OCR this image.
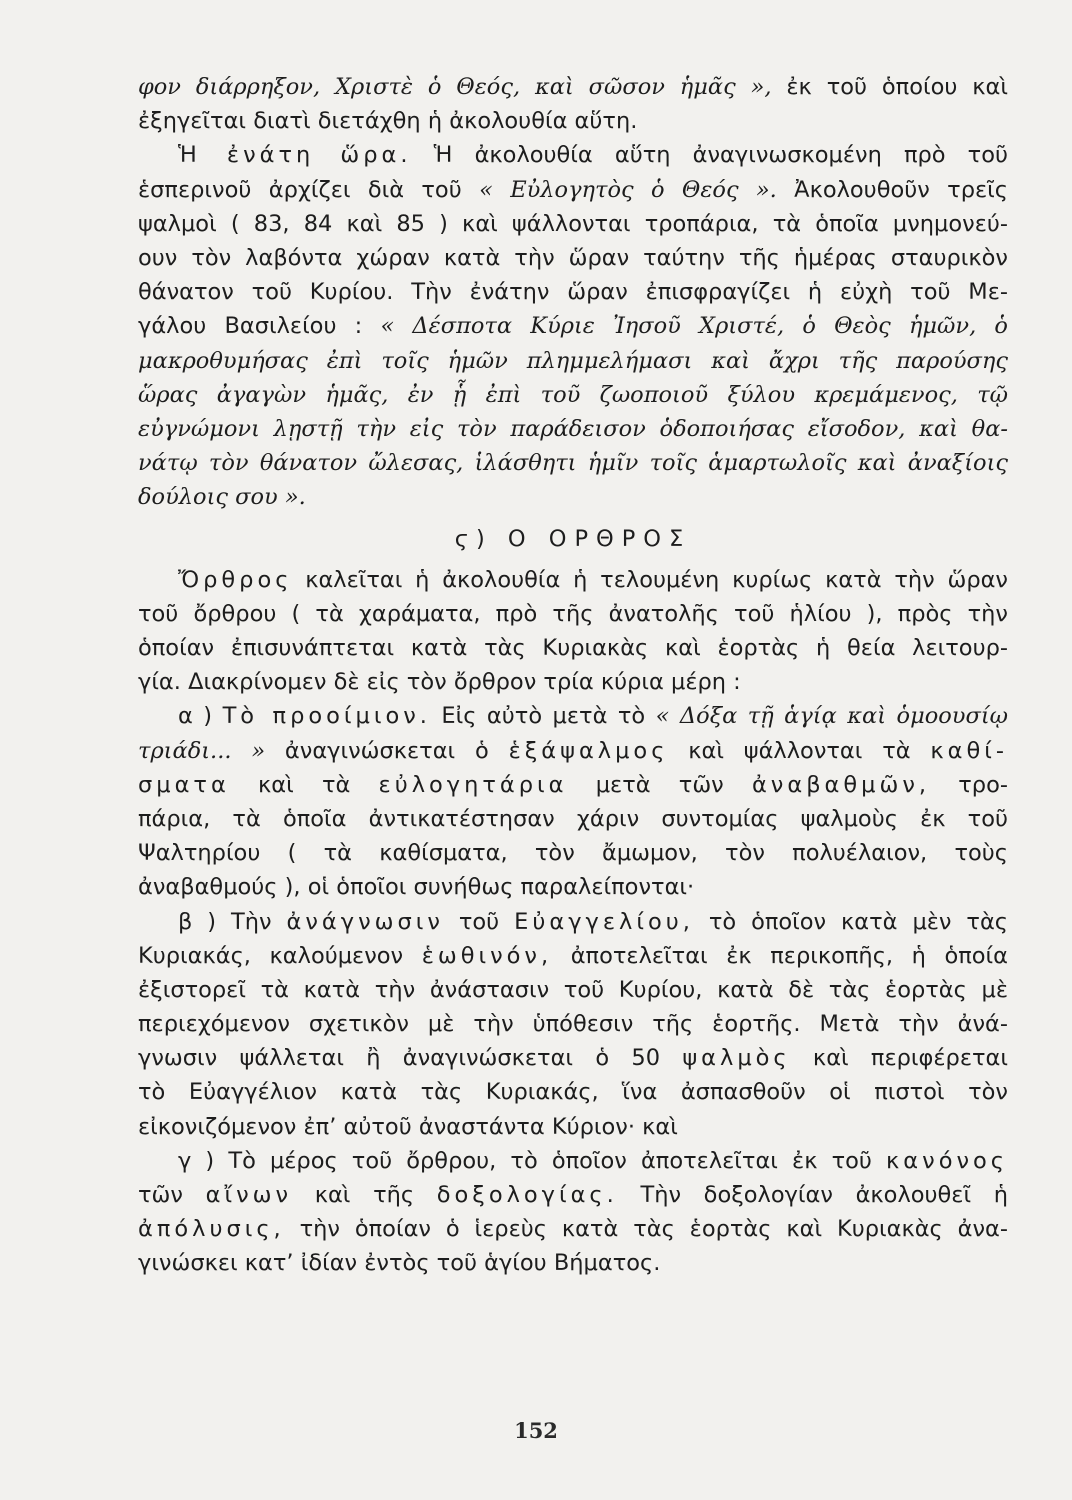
φον διάρρηξον, Χριστὲ ὁ Θεός, καὶ σῶσον ἡμᾶς », ἐκ τοῦ ὁποίου καὶ
ἐξηγεῖται διατὶ διετάχθη ἡ ἀκολουθία αὕτη.
Ἡ ἐνάτη ὥρα. Ἡ ἀκολουθία αὕτη ἀναγινωσκομένη πρὸ τοῦ
ἑσπερινοῦ ἀρχίζει διὰ τοῦ « Εὐλογητὸς ὁ Θεός ». Ἀκολουθοῦν τρεῖς
ψαλμοὶ ( 83, 84 καὶ 85 ) καὶ ψάλλονται τροπάρια, τὰ ὁποῖα μνημονεύ-
ουν τὸν λαβόντα χώραν κατὰ τὴν ὥραν ταύτην τῆς ἡμέρας σταυρικὸν
θάνατον τοῦ Κυρίου. Τὴν ἐνάτην ὥραν ἐπισφραγίζει ἡ εὐχὴ τοῦ Με-
γάλου Βασιλείου : « Δέσποτα Κύριε Ἰησοῦ Χριστέ, ὁ Θεὸς ἡμῶν, ὁ
μακροθυμήσας ἐπὶ τοῖς ἡμῶν πλημμελήμασι καὶ ἄχρι τῆς παρούσης
ὥρας ἀγαγὼν ἡμᾶς, ἐν ᾗ ἐπὶ τοῦ ζωοποιοῦ ξύλου κρεμάμενος, τῷ
εὐγνώμονι λῃστῇ τὴν εἰς τὸν παράδεισον ὁδοποιήσας εἴσοδον, καὶ θα-
νάτῳ τὸν θάνατον ὤλεσας, ἱλάσθητι ἡμῖν τοῖς ἁμαρτωλοῖς καὶ ἀναξίοις
δούλοις σου ».
ϛ) Ο ΟΡΘΡΟΣ
Ὄρθρος καλεῖται ἡ ἀκολουθία ἡ τελουμένη κυρίως κατὰ τὴν ὥραν
τοῦ ὄρθρου ( τὰ χαράματα, πρὸ τῆς ἀνατολῆς τοῦ ἡλίου ), πρὸς τὴν
ὁποίαν ἐπισυνάπτεται κατὰ τὰς Κυριακὰς καὶ ἑορτὰς ἡ θεία λειτουρ-
γία. Διακρίνομεν δὲ εἰς τὸν ὄρθρον τρία κύρια μέρη :
α ) Τὸ προοίμιον. Εἰς αὐτὸ μετὰ τὸ « Δόξα τῇ ἁγίᾳ καὶ ὁμοουσίῳ
τριάδι... » ἀναγινώσκεται ὁ ἑξάψαλμος καὶ ψάλλονται τὰ καθί-
σματα καὶ τὰ εὐλογητάρια μετὰ τῶν ἀναβαθμῶν, τρο-
πάρια, τὰ ὁποῖα ἀντικατέστησαν χάριν συντομίας ψαλμοὺς ἐκ τοῦ
Ψαλτηρίου ( τὰ καθίσματα, τὸν ἄμωμον, τὸν πολυέλαιον, τοὺς
ἀναβαθμούς ), οἱ ὁποῖοι συνήθως παραλείπονται·
β ) Τὴν ἀνάγνωσιν τοῦ Εὐαγγελίου, τὸ ὁποῖον κατὰ μὲν τὰς
Κυριακάς, καλούμενον ἑωθινόν, ἀποτελεῖται ἐκ περικοπῆς, ἡ ὁποία
ἐξιστορεῖ τὰ κατὰ τὴν ἀνάστασιν τοῦ Κυρίου, κατὰ δὲ τὰς ἑορτὰς μὲ
περιεχόμενον σχετικὸν μὲ τὴν ὑπόθεσιν τῆς ἑορτῆς. Μετὰ τὴν ἀνά-
γνωσιν ψάλλεται ἢ ἀναγινώσκεται ὁ 50 ψαλμὸς καὶ περιφέρεται
τὸ Εὐαγγέλιον κατὰ τὰς Κυριακάς, ἵνα ἀσπασθοῦν οἱ πιστοὶ τὸν
εἰκονιζόμενον ἐπ’ αὐτοῦ ἀναστάντα Κύριον· καὶ
γ ) Τὸ μέρος τοῦ ὄρθρου, τὸ ὁποῖον ἀποτελεῖται ἐκ τοῦ κανόνος
τῶν αἴνων καὶ τῆς δοξολογίας. Τὴν δοξολογίαν ἀκολουθεῖ ἡ
ἀπόλυσις, τὴν ὁποίαν ὁ ἱερεὺς κατὰ τὰς ἑορτὰς καὶ Κυριακὰς ἀνα-
γινώσκει κατ’ ἰδίαν ἐντὸς τοῦ ἁγίου Βήματος.
152
